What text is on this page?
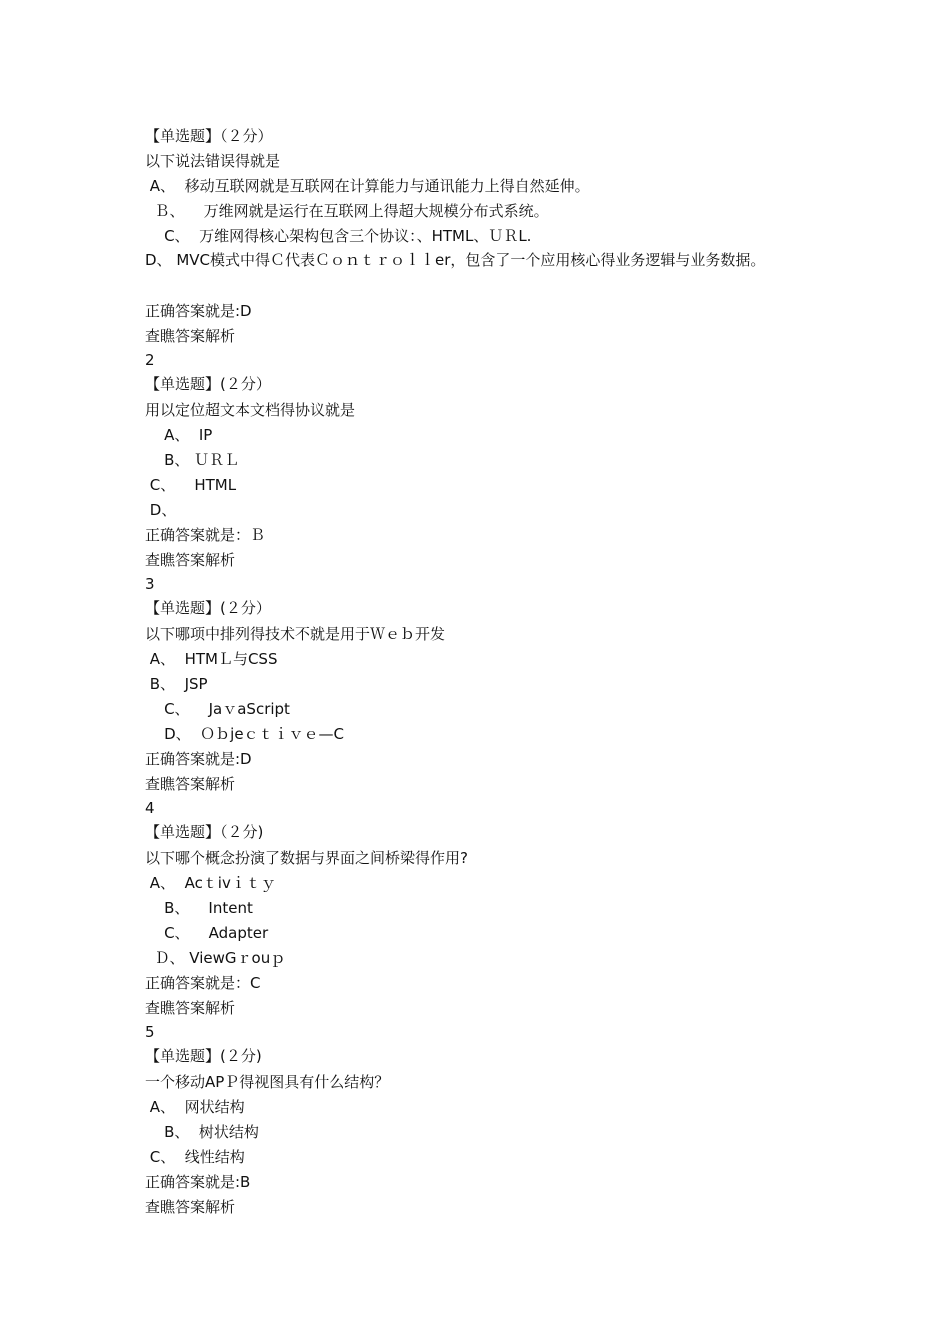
【单选题】（２分）
以下说法错误得就是
A、  移动互联网就是互联网在计算能力与通讯能力上得自然延伸。
Ｂ、    万维网就是运行在互联网上得超大规模分布式系统。
C、  万维网得核心架构包含三个协议：、HTML、ＵＲL.
D、 MVC模式中得Ｃ代表Ｃｏｎｔｒｏｌｌer，包含了一个应用核心得业务逻辑与业务数据。
正确答案就是:D
查瞧答案解析
2
【单选题】(２分）
用以定位超文本文档得协议就是
A、  IP
B、 ＵＲＬ
C、    HTML
D、
正确答案就是：Ｂ
查瞧答案解析
3
【单选题】(２分）
以下哪项中排列得技术不就是用于Ｗｅｂ开发
A、  HTMＬ与CSS
B、  JSP
C、    JaｖaScript
D、  Ｏｂjeｃｔｉｖｅ—C
正确答案就是:D
查瞧答案解析
4
【单选题】（２分)
以下哪个概念扮演了数据与界面之间桥梁得作用?
A、  Acｔivｉｔｙ
B、    Intent
C、    Adapter
Ｄ、 ViewGｒouｐ
正确答案就是：C
查瞧答案解析
5
【单选题】(２分)
一个移动APＰ得视图具有什么结构？
A、  网状结构
B、  树状结构
C、  线性结构
正确答案就是:B
查瞧答案解析
